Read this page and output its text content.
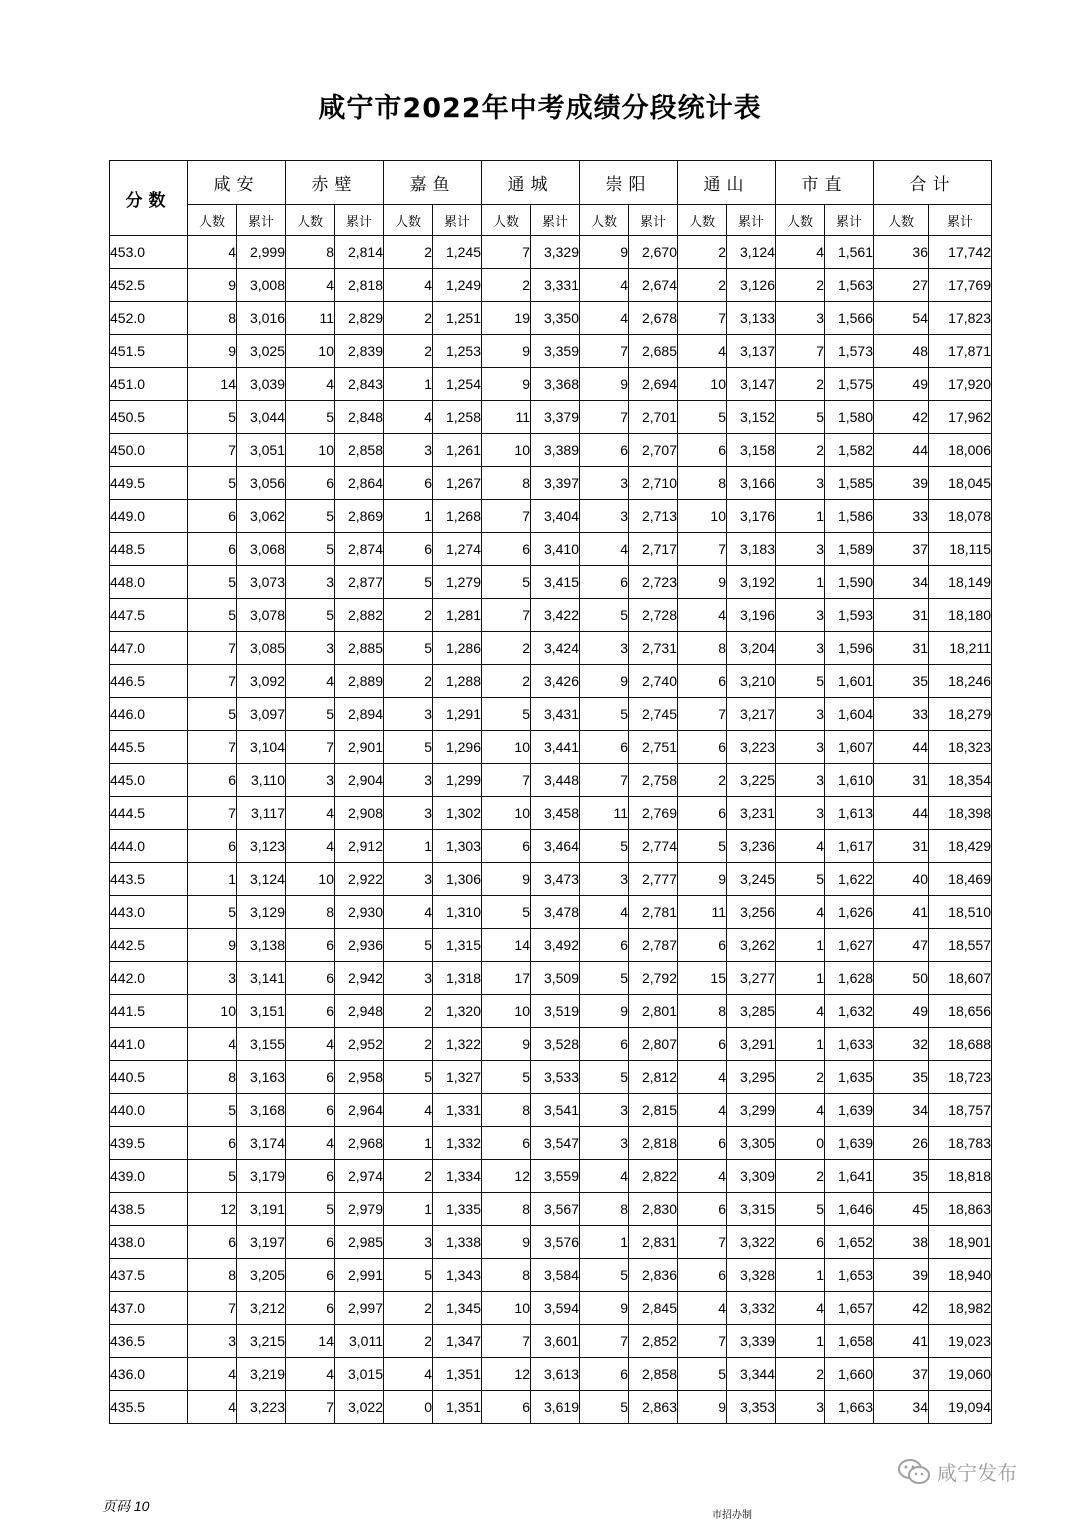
咸宁市2022年中考成绩分段统计表
分数	咸安		赤壁		嘉鱼		通城		崇阳		通山		市直		合计	
	人数	累计	人数	累计	人数	累计	人数	累计	人数	累计	人数	累计	人数	累计	人数	累计
453.0	4	2,999	8	2,814	2	1,245	7	3,329	9	2,670	2	3,124	4	1,561	36	17,742
452.5	9	3,008	4	2,818	4	1,249	2	3,331	4	2,674	2	3,126	2	1,563	27	17,769
452.0	8	3,016	11	2,829	2	1,251	19	3,350	4	2,678	7	3,133	3	1,566	54	17,823
451.5	9	3,025	10	2,839	2	1,253	9	3,359	7	2,685	4	3,137	7	1,573	48	17,871
451.0	14	3,039	4	2,843	1	1,254	9	3,368	9	2,694	10	3,147	2	1,575	49	17,920
450.5	5	3,044	5	2,848	4	1,258	11	3,379	7	2,701	5	3,152	5	1,580	42	17,962
450.0	7	3,051	10	2,858	3	1,261	10	3,389	6	2,707	6	3,158	2	1,582	44	18,006
449.5	5	3,056	6	2,864	6	1,267	8	3,397	3	2,710	8	3,166	3	1,585	39	18,045
449.0	6	3,062	5	2,869	1	1,268	7	3,404	3	2,713	10	3,176	1	1,586	33	18,078
448.5	6	3,068	5	2,874	6	1,274	6	3,410	4	2,717	7	3,183	3	1,589	37	18,115
448.0	5	3,073	3	2,877	5	1,279	5	3,415	6	2,723	9	3,192	1	1,590	34	18,149
447.5	5	3,078	5	2,882	2	1,281	7	3,422	5	2,728	4	3,196	3	1,593	31	18,180
447.0	7	3,085	3	2,885	5	1,286	2	3,424	3	2,731	8	3,204	3	1,596	31	18,211
446.5	7	3,092	4	2,889	2	1,288	2	3,426	9	2,740	6	3,210	5	1,601	35	18,246
446.0	5	3,097	5	2,894	3	1,291	5	3,431	5	2,745	7	3,217	3	1,604	33	18,279
445.5	7	3,104	7	2,901	5	1,296	10	3,441	6	2,751	6	3,223	3	1,607	44	18,323
445.0	6	3,110	3	2,904	3	1,299	7	3,448	7	2,758	2	3,225	3	1,610	31	18,354
444.5	7	3,117	4	2,908	3	1,302	10	3,458	11	2,769	6	3,231	3	1,613	44	18,398
444.0	6	3,123	4	2,912	1	1,303	6	3,464	5	2,774	5	3,236	4	1,617	31	18,429
443.5	1	3,124	10	2,922	3	1,306	9	3,473	3	2,777	9	3,245	5	1,622	40	18,469
443.0	5	3,129	8	2,930	4	1,310	5	3,478	4	2,781	11	3,256	4	1,626	41	18,510
442.5	9	3,138	6	2,936	5	1,315	14	3,492	6	2,787	6	3,262	1	1,627	47	18,557
442.0	3	3,141	6	2,942	3	1,318	17	3,509	5	2,792	15	3,277	1	1,628	50	18,607
441.5	10	3,151	6	2,948	2	1,320	10	3,519	9	2,801	8	3,285	4	1,632	49	18,656
441.0	4	3,155	4	2,952	2	1,322	9	3,528	6	2,807	6	3,291	1	1,633	32	18,688
440.5	8	3,163	6	2,958	5	1,327	5	3,533	5	2,812	4	3,295	2	1,635	35	18,723
440.0	5	3,168	6	2,964	4	1,331	8	3,541	3	2,815	4	3,299	4	1,639	34	18,757
439.5	6	3,174	4	2,968	1	1,332	6	3,547	3	2,818	6	3,305	0	1,639	26	18,783
439.0	5	3,179	6	2,974	2	1,334	12	3,559	4	2,822	4	3,309	2	1,641	35	18,818
438.5	12	3,191	5	2,979	1	1,335	8	3,567	8	2,830	6	3,315	5	1,646	45	18,863
438.0	6	3,197	6	2,985	3	1,338	9	3,576	1	2,831	7	3,322	6	1,652	38	18,901
437.5	8	3,205	6	2,991	5	1,343	8	3,584	5	2,836	6	3,328	1	1,653	39	18,940
437.0	7	3,212	6	2,997	2	1,345	10	3,594	9	2,845	4	3,332	4	1,657	42	18,982
436.5	3	3,215	14	3,011	2	1,347	7	3,601	7	2,852	7	3,339	1	1,658	41	19,023
436.0	4	3,219	4	3,015	4	1,351	12	3,613	6	2,858	5	3,344	2	1,660	37	19,060
435.5	4	3,223	7	3,022	0	1,351	6	3,619	5	2,863	9	3,353	3	1,663	34	19,094
页码 10
市招办制
咸宁发布
